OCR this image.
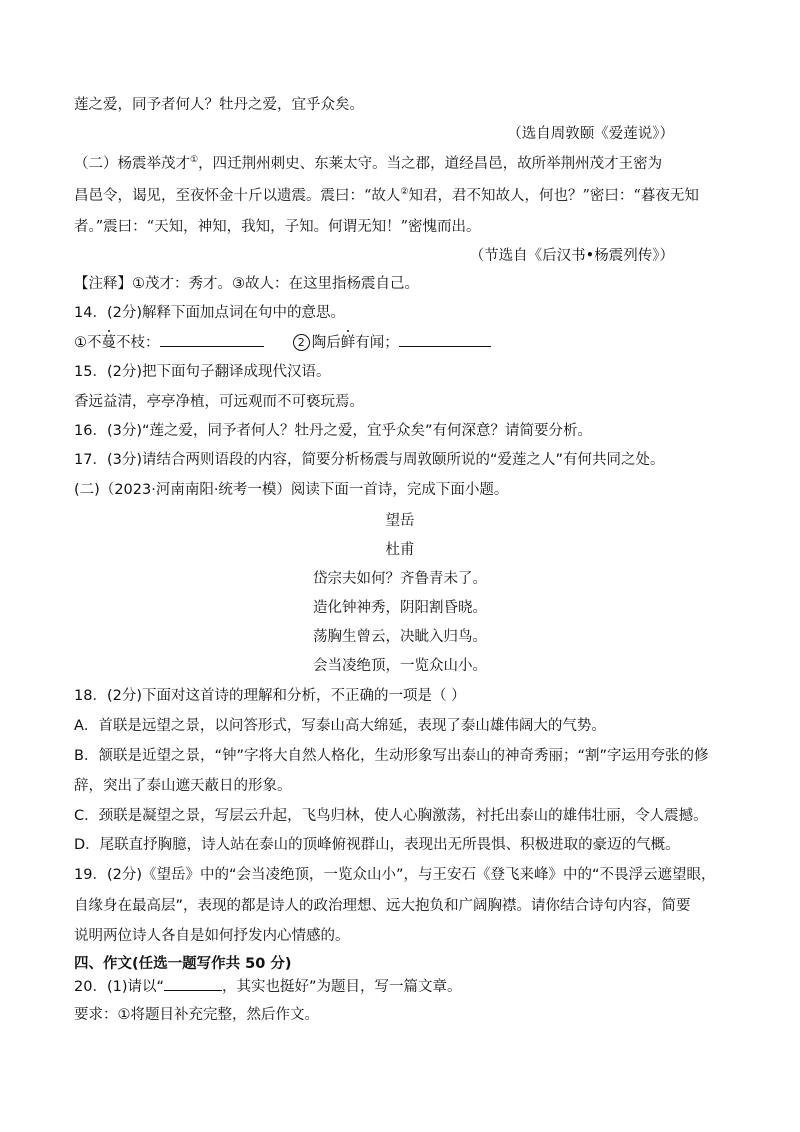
莲之爱，同予者何人？牡丹之爱，宜乎众矣。
（选自周敦颐《爱莲说》）
（二）杨震举茂才①，四迁荆州刺史、东莱太守。当之郡，道经昌邑，故所举荆州茂才王密为
昌邑令，谒见，至夜怀金十斤以遗震。震曰：“故人②知君，君不知故人，何也？”密曰：“暮夜无知
者。”震曰：“天知，神知，我知，子知。何谓无知！”密愧而出。
（节选自《后汉书•杨震列传》）
【注释】①茂才：秀才。③故人：在这里指杨震自己。
14．(2分)解释下面加点词在句中的意思。
①不蔓不枝：	2 陶后鲜有闻；
15．(2分)把下面句子翻译成现代汉语。
香远益清，亭亭净植，可远观而不可亵玩焉。
16．(3分)“莲之爱，同予者何人？牡丹之爱，宜乎众矣”有何深意？请简要分析。
17．(3分)请结合两则语段的内容，简要分析杨震与周敦颐所说的“爱莲之人”有何共同之处。
(二)（2023·河南南阳·统考一模）阅读下面一首诗，完成下面小题。
望岳
杜甫
岱宗夫如何？齐鲁青未了。
造化钟神秀，阴阳割昏晓。
荡胸生曾云，决眦入归鸟。
会当凌绝顶，一览众山小。
18．(2分)下面对这首诗的理解和分析，不正确的一项是（ ）
A．首联是远望之景，以问答形式，写泰山高大绵延，表现了泰山雄伟阔大的气势。
B．颔联是近望之景，“钟”字将大自然人格化，生动形象写出泰山的神奇秀丽；“割”字运用夸张的修
辞，突出了泰山遮天蔽日的形象。
C．颈联是凝望之景，写层云升起，飞鸟归林，使人心胸激荡，衬托出泰山的雄伟壮丽，令人震撼。
D．尾联直抒胸臆，诗人站在泰山的顶峰俯视群山，表现出无所畏惧、积极进取的豪迈的气概。
19．(2分)《望岳》中的“会当凌绝顶，一览众山小”，与王安石《登飞来峰》中的“不畏浮云遮望眼，
自缘身在最高层”，表现的都是诗人的政治理想、远大抱负和广阔胸襟。请你结合诗句内容，简要
说明两位诗人各自是如何抒发内心情感的。
四、作文(任选一题写作共 50 分)
20．(1)请以“	，其实也挺好”为题目，写一篇文章。
要求：①将题目补充完整，然后作文。
